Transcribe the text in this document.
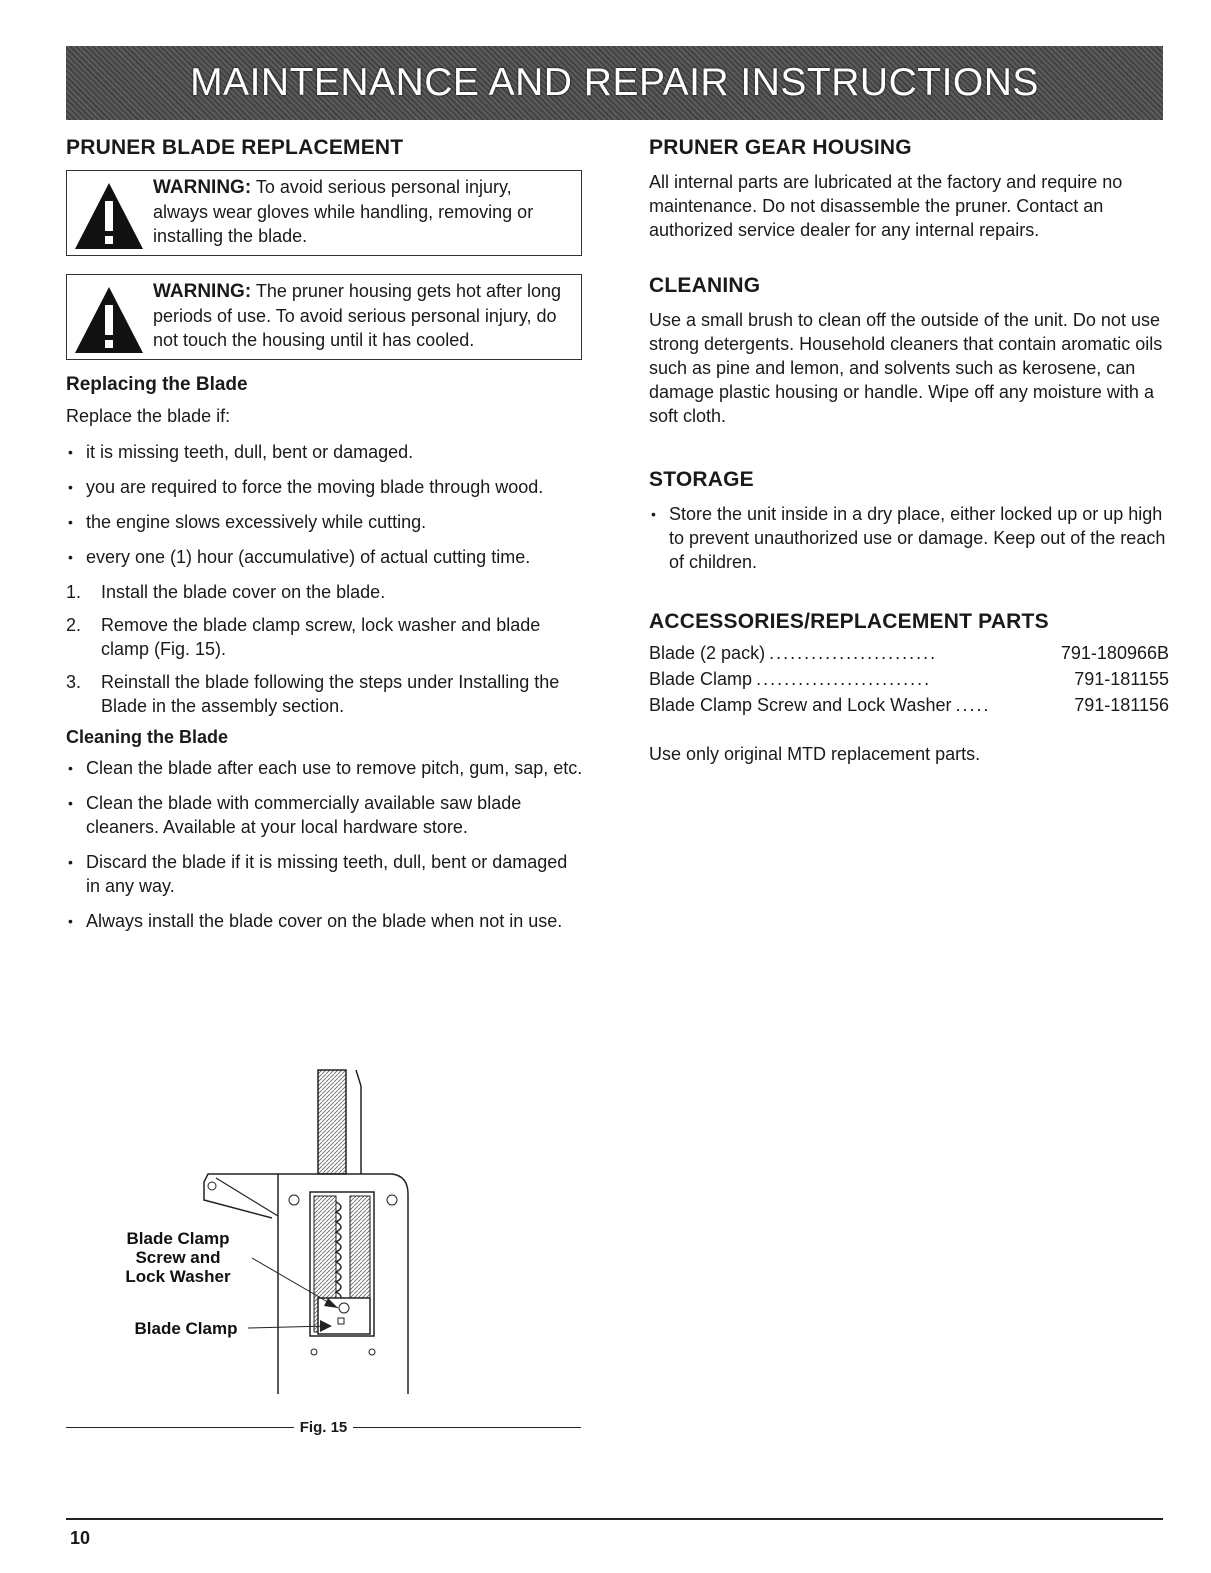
MAINTENANCE AND REPAIR INSTRUCTIONS
PRUNER BLADE REPLACEMENT
WARNING: To avoid serious personal injury, always wear gloves while handling, removing or installing the blade.
WARNING: The pruner housing gets hot after long periods of use. To avoid serious personal injury, do not touch the housing until it has cooled.
Replacing the Blade

Replace the blade if:

• it is missing teeth, dull, bent or damaged.
• you are required to force the moving blade through wood.
• the engine slows excessively while cutting.
• every one (1) hour (accumulative) of actual cutting time.
1. Install the blade cover on the blade.
2. Remove the blade clamp screw, lock washer and blade clamp (Fig. 15).
3. Reinstall the blade following the steps under Installing the Blade in the assembly section.
Cleaning the Blade
• Clean the blade after each use to remove pitch, gum, sap, etc.
• Clean the blade with commercially available saw blade cleaners. Available at your local hardware store.
• Discard the blade if it is missing teeth, dull, bent or damaged in any way.
• Always install the blade cover on the blade when not in use.
Blade Clamp
Screw and
Lock Washer
Blade Clamp
Fig. 15
PRUNER GEAR HOUSING

All internal parts are lubricated at the factory and require no maintenance. Do not disassemble the pruner. Contact an authorized service dealer for any internal repairs.

CLEANING

Use a small brush to clean off the outside of the unit. Do not use strong detergents. Household cleaners that contain aromatic oils such as pine and lemon, and solvents such as kerosene, can damage plastic housing or handle. Wipe off any moisture with a soft cloth.

STORAGE
• Store the unit inside in a dry place, either locked up or up high to prevent unauthorized use or damage. Keep out of the reach of children.
ACCESSORIES/REPLACEMENT PARTS
Blade (2 pack) ........................	791-180966B
Blade Clamp .........................	791-181155
Blade Clamp Screw and Lock Washer .....	791-181156

Use only original MTD replacement parts.

10
